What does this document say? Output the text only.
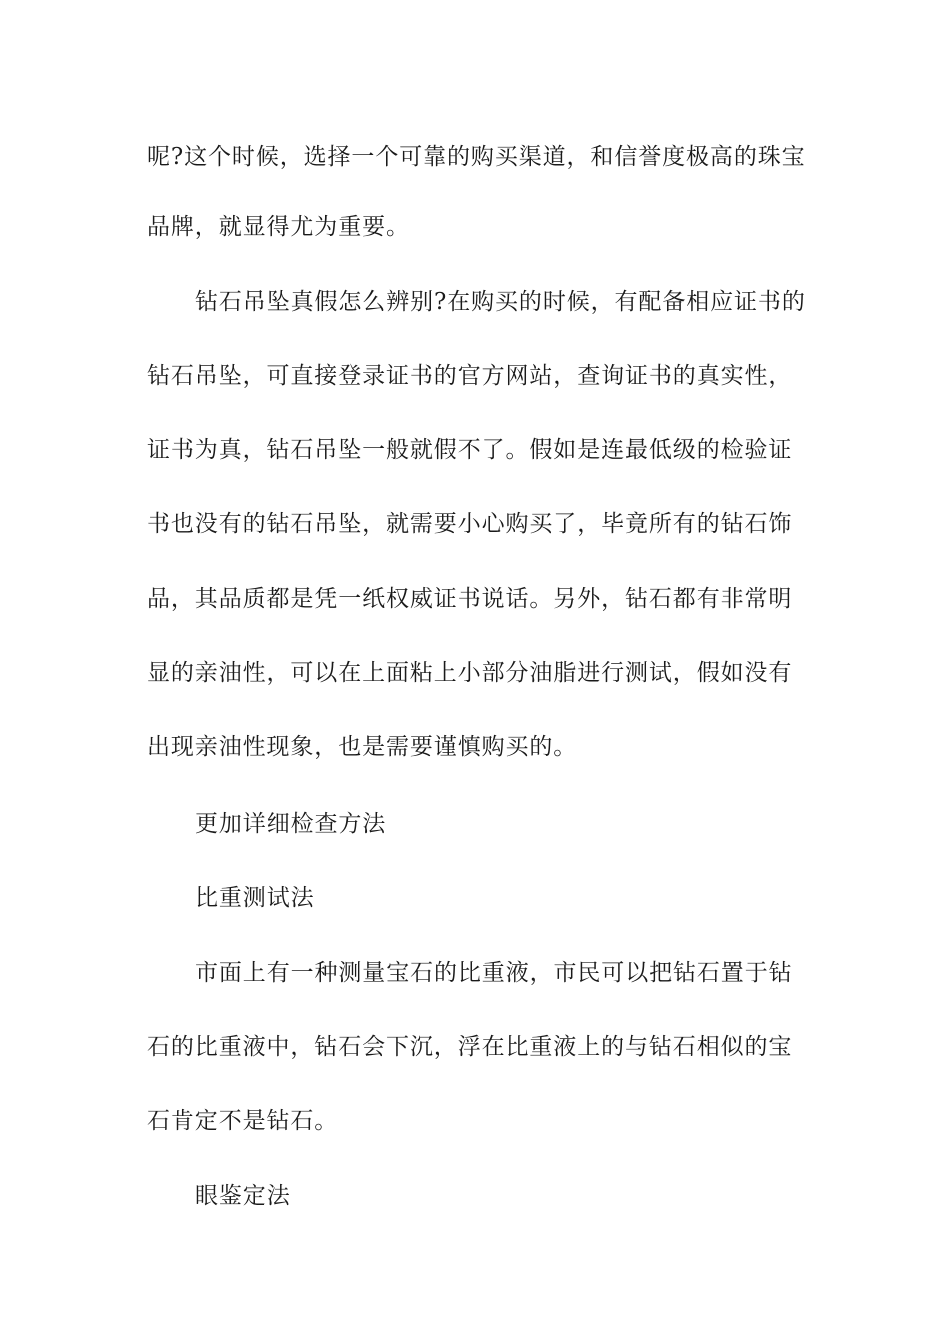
呢?这个时候，选择一个可靠的购买渠道，和信誉度极高的珠宝
品牌，就显得尤为重要。
钻石吊坠真假怎么辨别?在购买的时候，有配备相应证书的
钻石吊坠，可直接登录证书的官方网站，查询证书的真实性，
证书为真，钻石吊坠一般就假不了。假如是连最低级的检验证
书也没有的钻石吊坠，就需要小心购买了，毕竟所有的钻石饰
品，其品质都是凭一纸权威证书说话。另外，钻石都有非常明
显的亲油性，可以在上面粘上小部分油脂进行测试，假如没有
出现亲油性现象，也是需要谨慎购买的。
更加详细检查方法
比重测试法
市面上有一种测量宝石的比重液，市民可以把钻石置于钻
石的比重液中，钻石会下沉，浮在比重液上的与钻石相似的宝
石肯定不是钻石。
眼鉴定法
